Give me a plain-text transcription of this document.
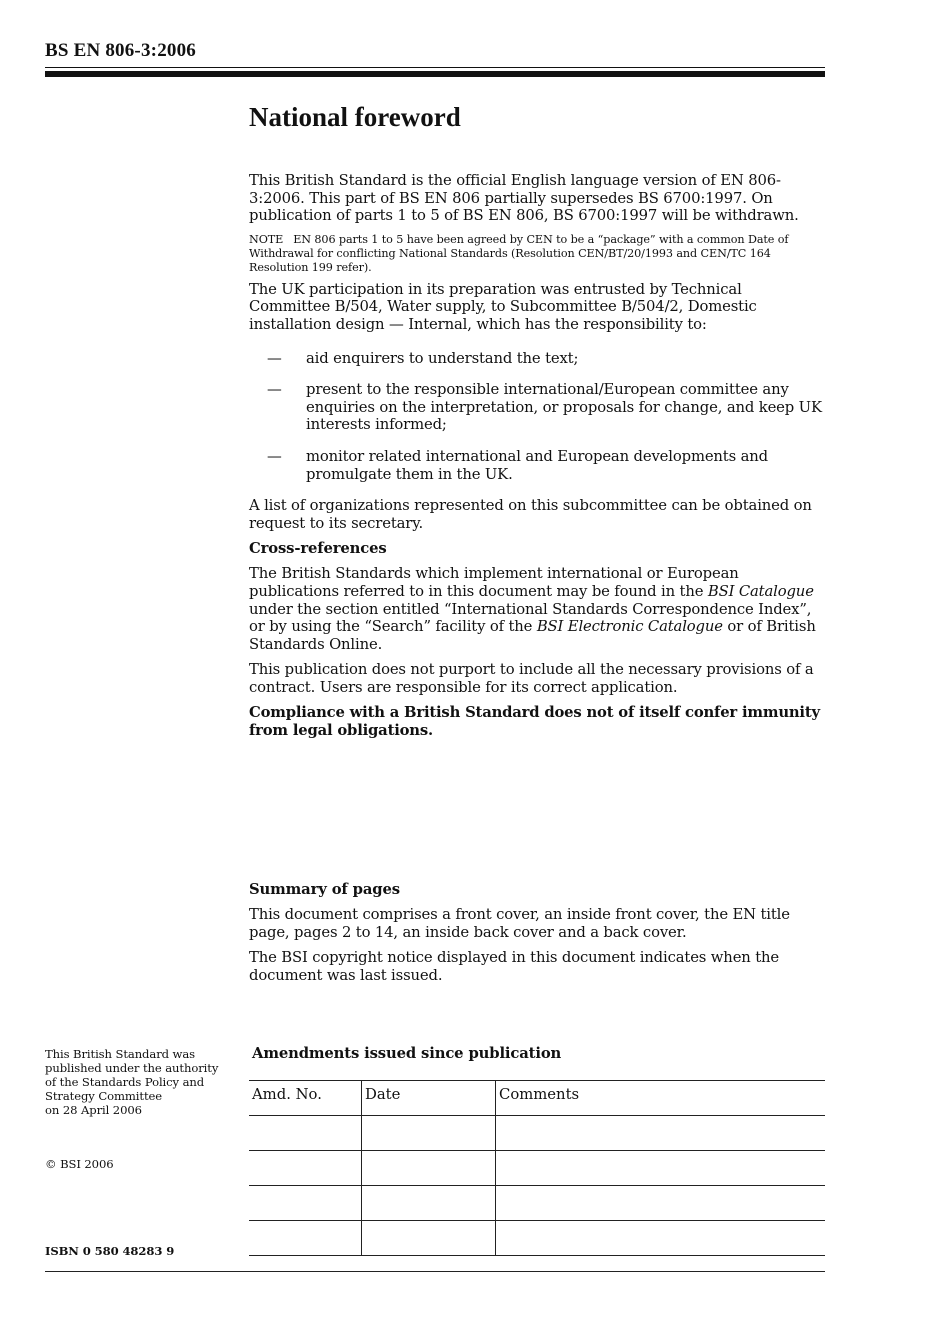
BS EN 806-3:2006
National foreword

This British Standard is the official English language version of EN 806-3:2006. This part of BS EN 806 partially supersedes BS 6700:1997. On publication of parts 1 to 5 of BS EN 806, BS 6700:1997 will be withdrawn.

NOTE EN 806 parts 1 to 5 have been agreed by CEN to be a “package” with a common Date of Withdrawal for conflicting National Standards (Resolution CEN/BT/20/1993 and CEN/TC 164 Resolution 199 refer).

The UK participation in its preparation was entrusted by Technical Committee B/504, Water supply, to Subcommittee B/504/2, Domestic installation design — Internal, which has the responsibility to:

— aid enquirers to understand the text;
— present to the responsible international/European committee any enquiries on the interpretation, or proposals for change, and keep UK interests informed;
— monitor related international and European developments and promulgate them in the UK.

A list of organizations represented on this subcommittee can be obtained on request to its secretary.

Cross-references

The British Standards which implement international or European publications referred to in this document may be found in the BSI Catalogue under the section entitled “International Standards Correspondence Index”, or by using the “Search” facility of the BSI Electronic Catalogue or of British Standards Online.

This publication does not purport to include all the necessary provisions of a contract. Users are responsible for its correct application.

Compliance with a British Standard does not of itself confer immunity from legal obligations.

Summary of pages

This document comprises a front cover, an inside front cover, the EN title page, pages 2 to 14, an inside back cover and a back cover.

The BSI copyright notice displayed in this document indicates when the document was last issued.

This British Standard was
published under the authority
of the Standards Policy and
Strategy Committee
on 28 April 2006
© BSI 2006
ISBN 0 580 48283 9
Amendments issued since publication
Amd. No.	Date	Comments
